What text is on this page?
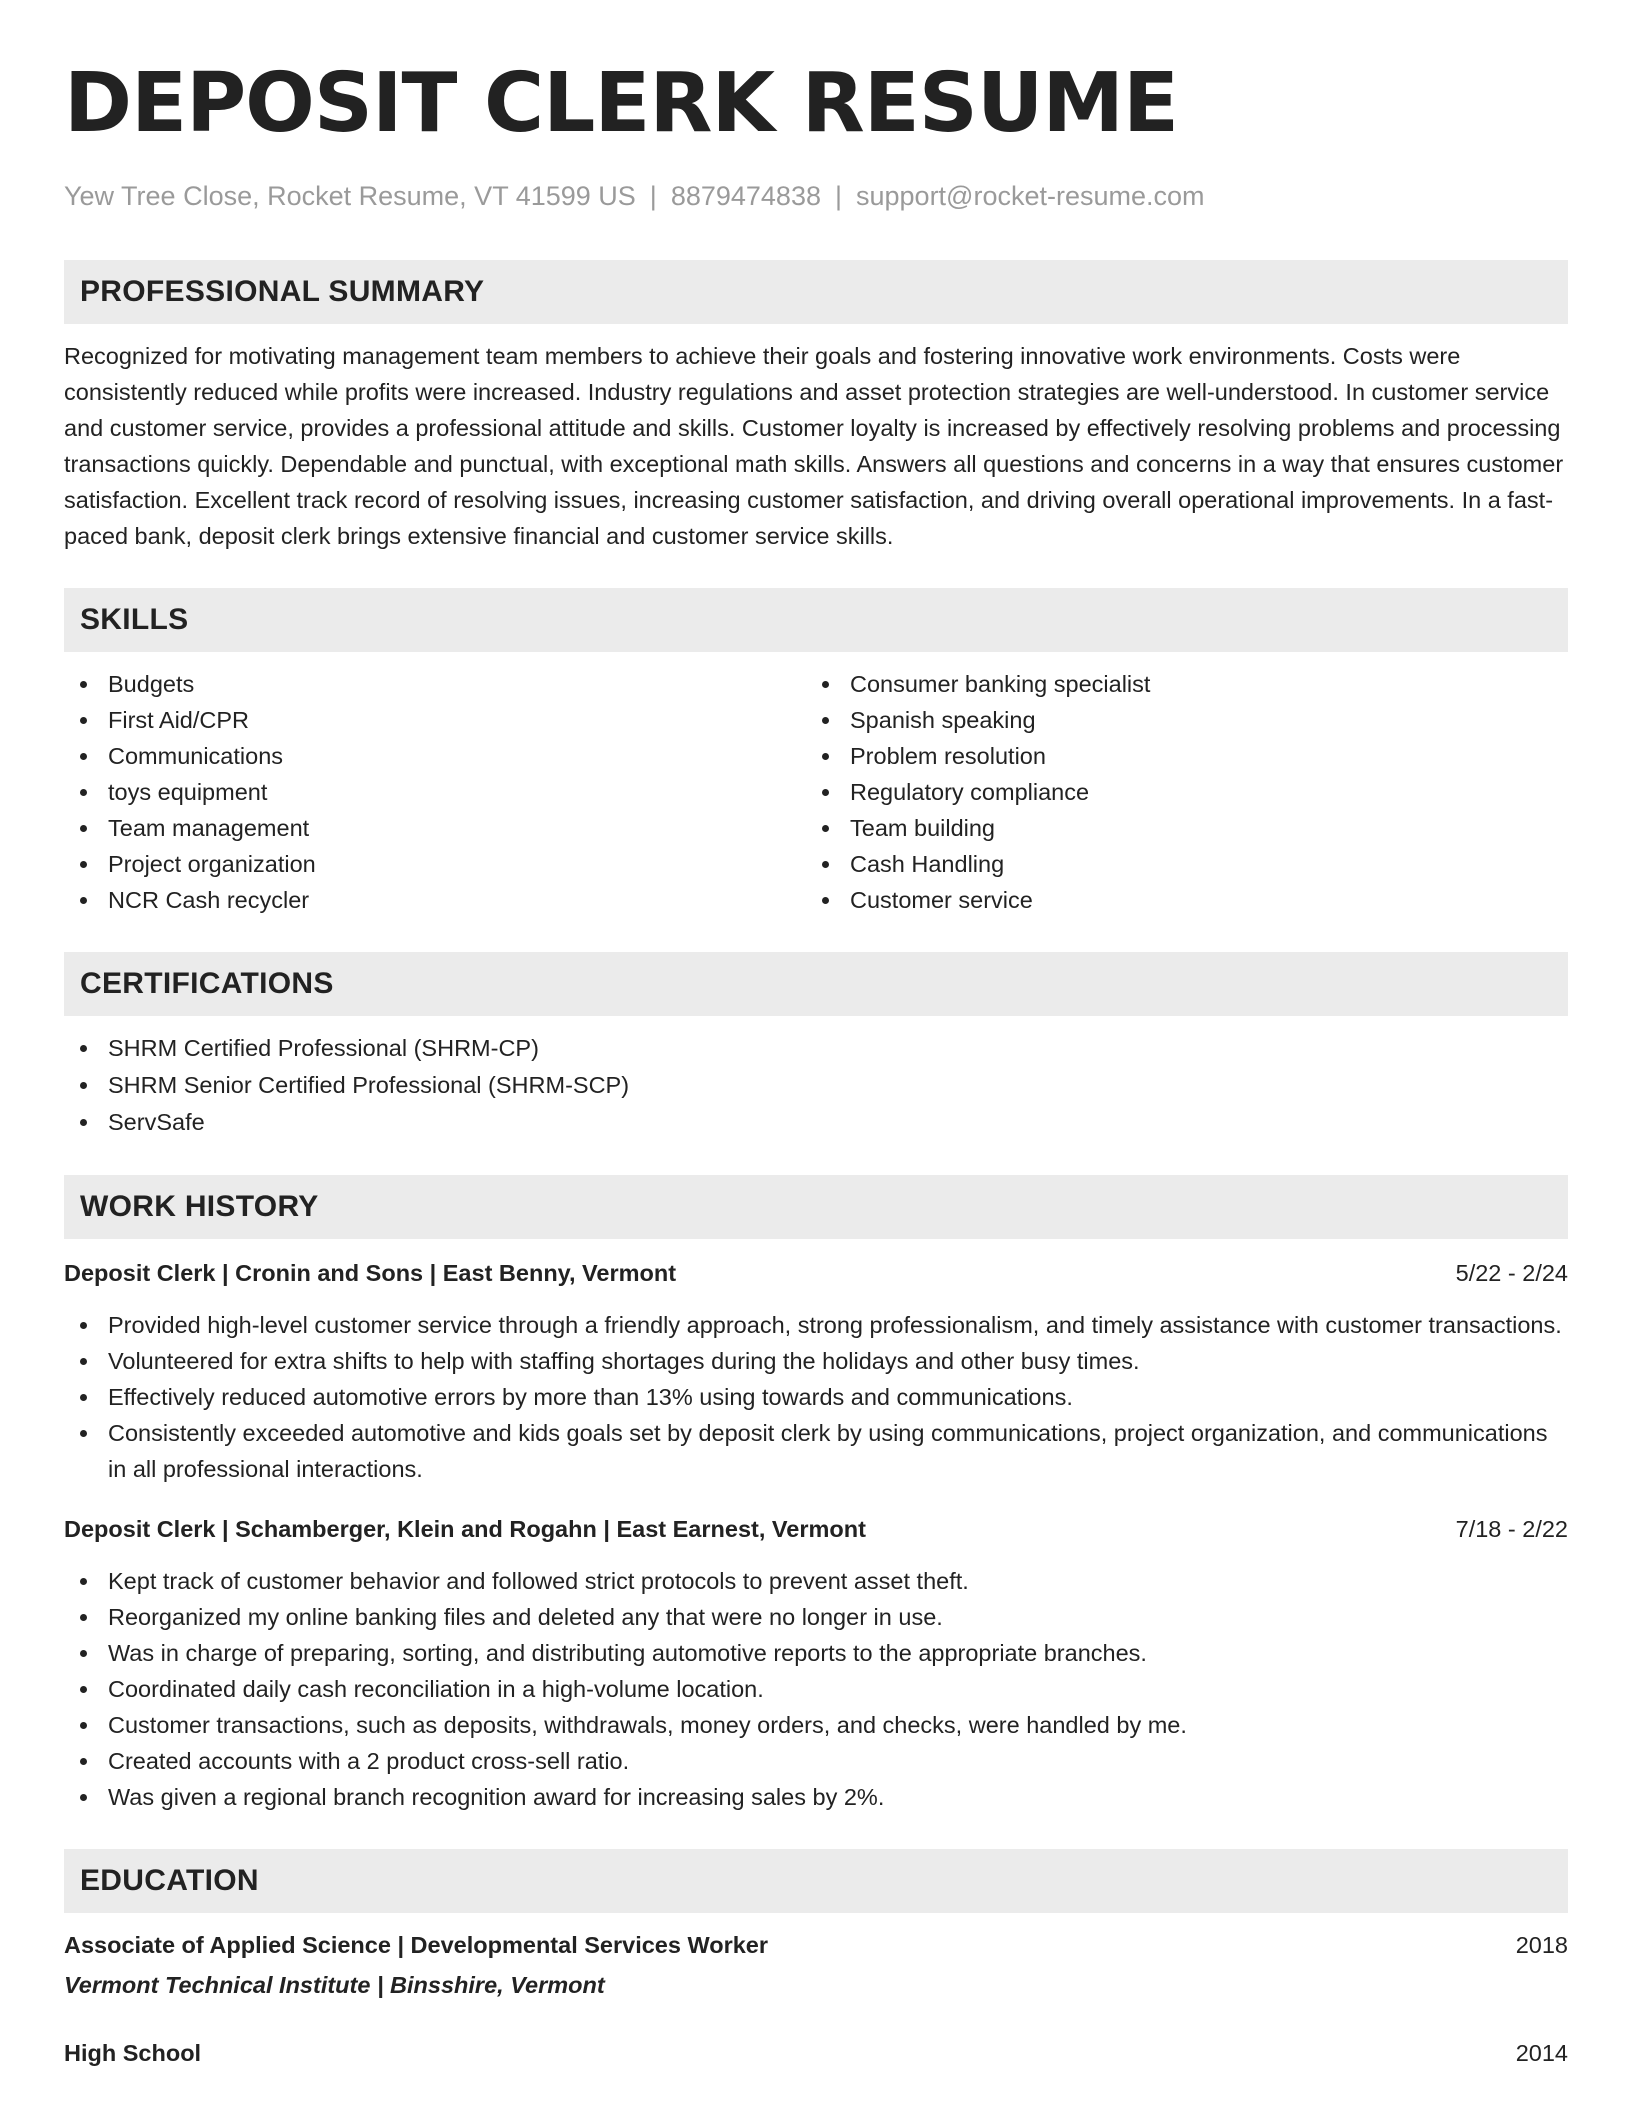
DEPOSIT CLERK RESUME
Yew Tree Close, Rocket Resume, VT 41599 US | 8879474838 | support@rocket-resume.com
PROFESSIONAL SUMMARY

Recognized for motivating management team members to achieve their goals and fostering innovative work environments. Costs were consistently reduced while profits were increased. Industry regulations and asset protection strategies are well-understood. In customer service and customer service, provides a professional attitude and skills. Customer loyalty is increased by effectively resolving problems and processing transactions quickly. Dependable and punctual, with exceptional math skills. Answers all questions and concerns in a way that ensures customer satisfaction. Excellent track record of resolving issues, increasing customer satisfaction, and driving overall operational improvements. In a fast-paced bank, deposit clerk brings extensive financial and customer service skills.

SKILLS
Budgets
First Aid/CPR
Communications
toys equipment
Team management
Project organization
NCR Cash recycler
Consumer banking specialist
Spanish speaking
Problem resolution
Regulatory compliance
Team building
Cash Handling
Customer service
CERTIFICATIONS
SHRM Certified Professional (SHRM-CP)
SHRM Senior Certified Professional (SHRM-SCP)
ServSafe
WORK HISTORY
Deposit Clerk | Cronin and Sons | East Benny, Vermont	5/22 - 2/24
Provided high-level customer service through a friendly approach, strong professionalism, and timely assistance with customer transactions.
Volunteered for extra shifts to help with staffing shortages during the holidays and other busy times.
Effectively reduced automotive errors by more than 13% using towards and communications.
Consistently exceeded automotive and kids goals set by deposit clerk by using communications, project organization, and communications in all professional interactions.
Deposit Clerk | Schamberger, Klein and Rogahn | East Earnest, Vermont	7/18 - 2/22
Kept track of customer behavior and followed strict protocols to prevent asset theft.
Reorganized my online banking files and deleted any that were no longer in use.
Was in charge of preparing, sorting, and distributing automotive reports to the appropriate branches.
Coordinated daily cash reconciliation in a high-volume location.
Customer transactions, such as deposits, withdrawals, money orders, and checks, were handled by me.
Created accounts with a 2 product cross-sell ratio.
Was given a regional branch recognition award for increasing sales by 2%.
EDUCATION
Associate of Applied Science | Developmental Services Worker	2018
Vermont Technical Institute | Binsshire, Vermont
High School	2014
